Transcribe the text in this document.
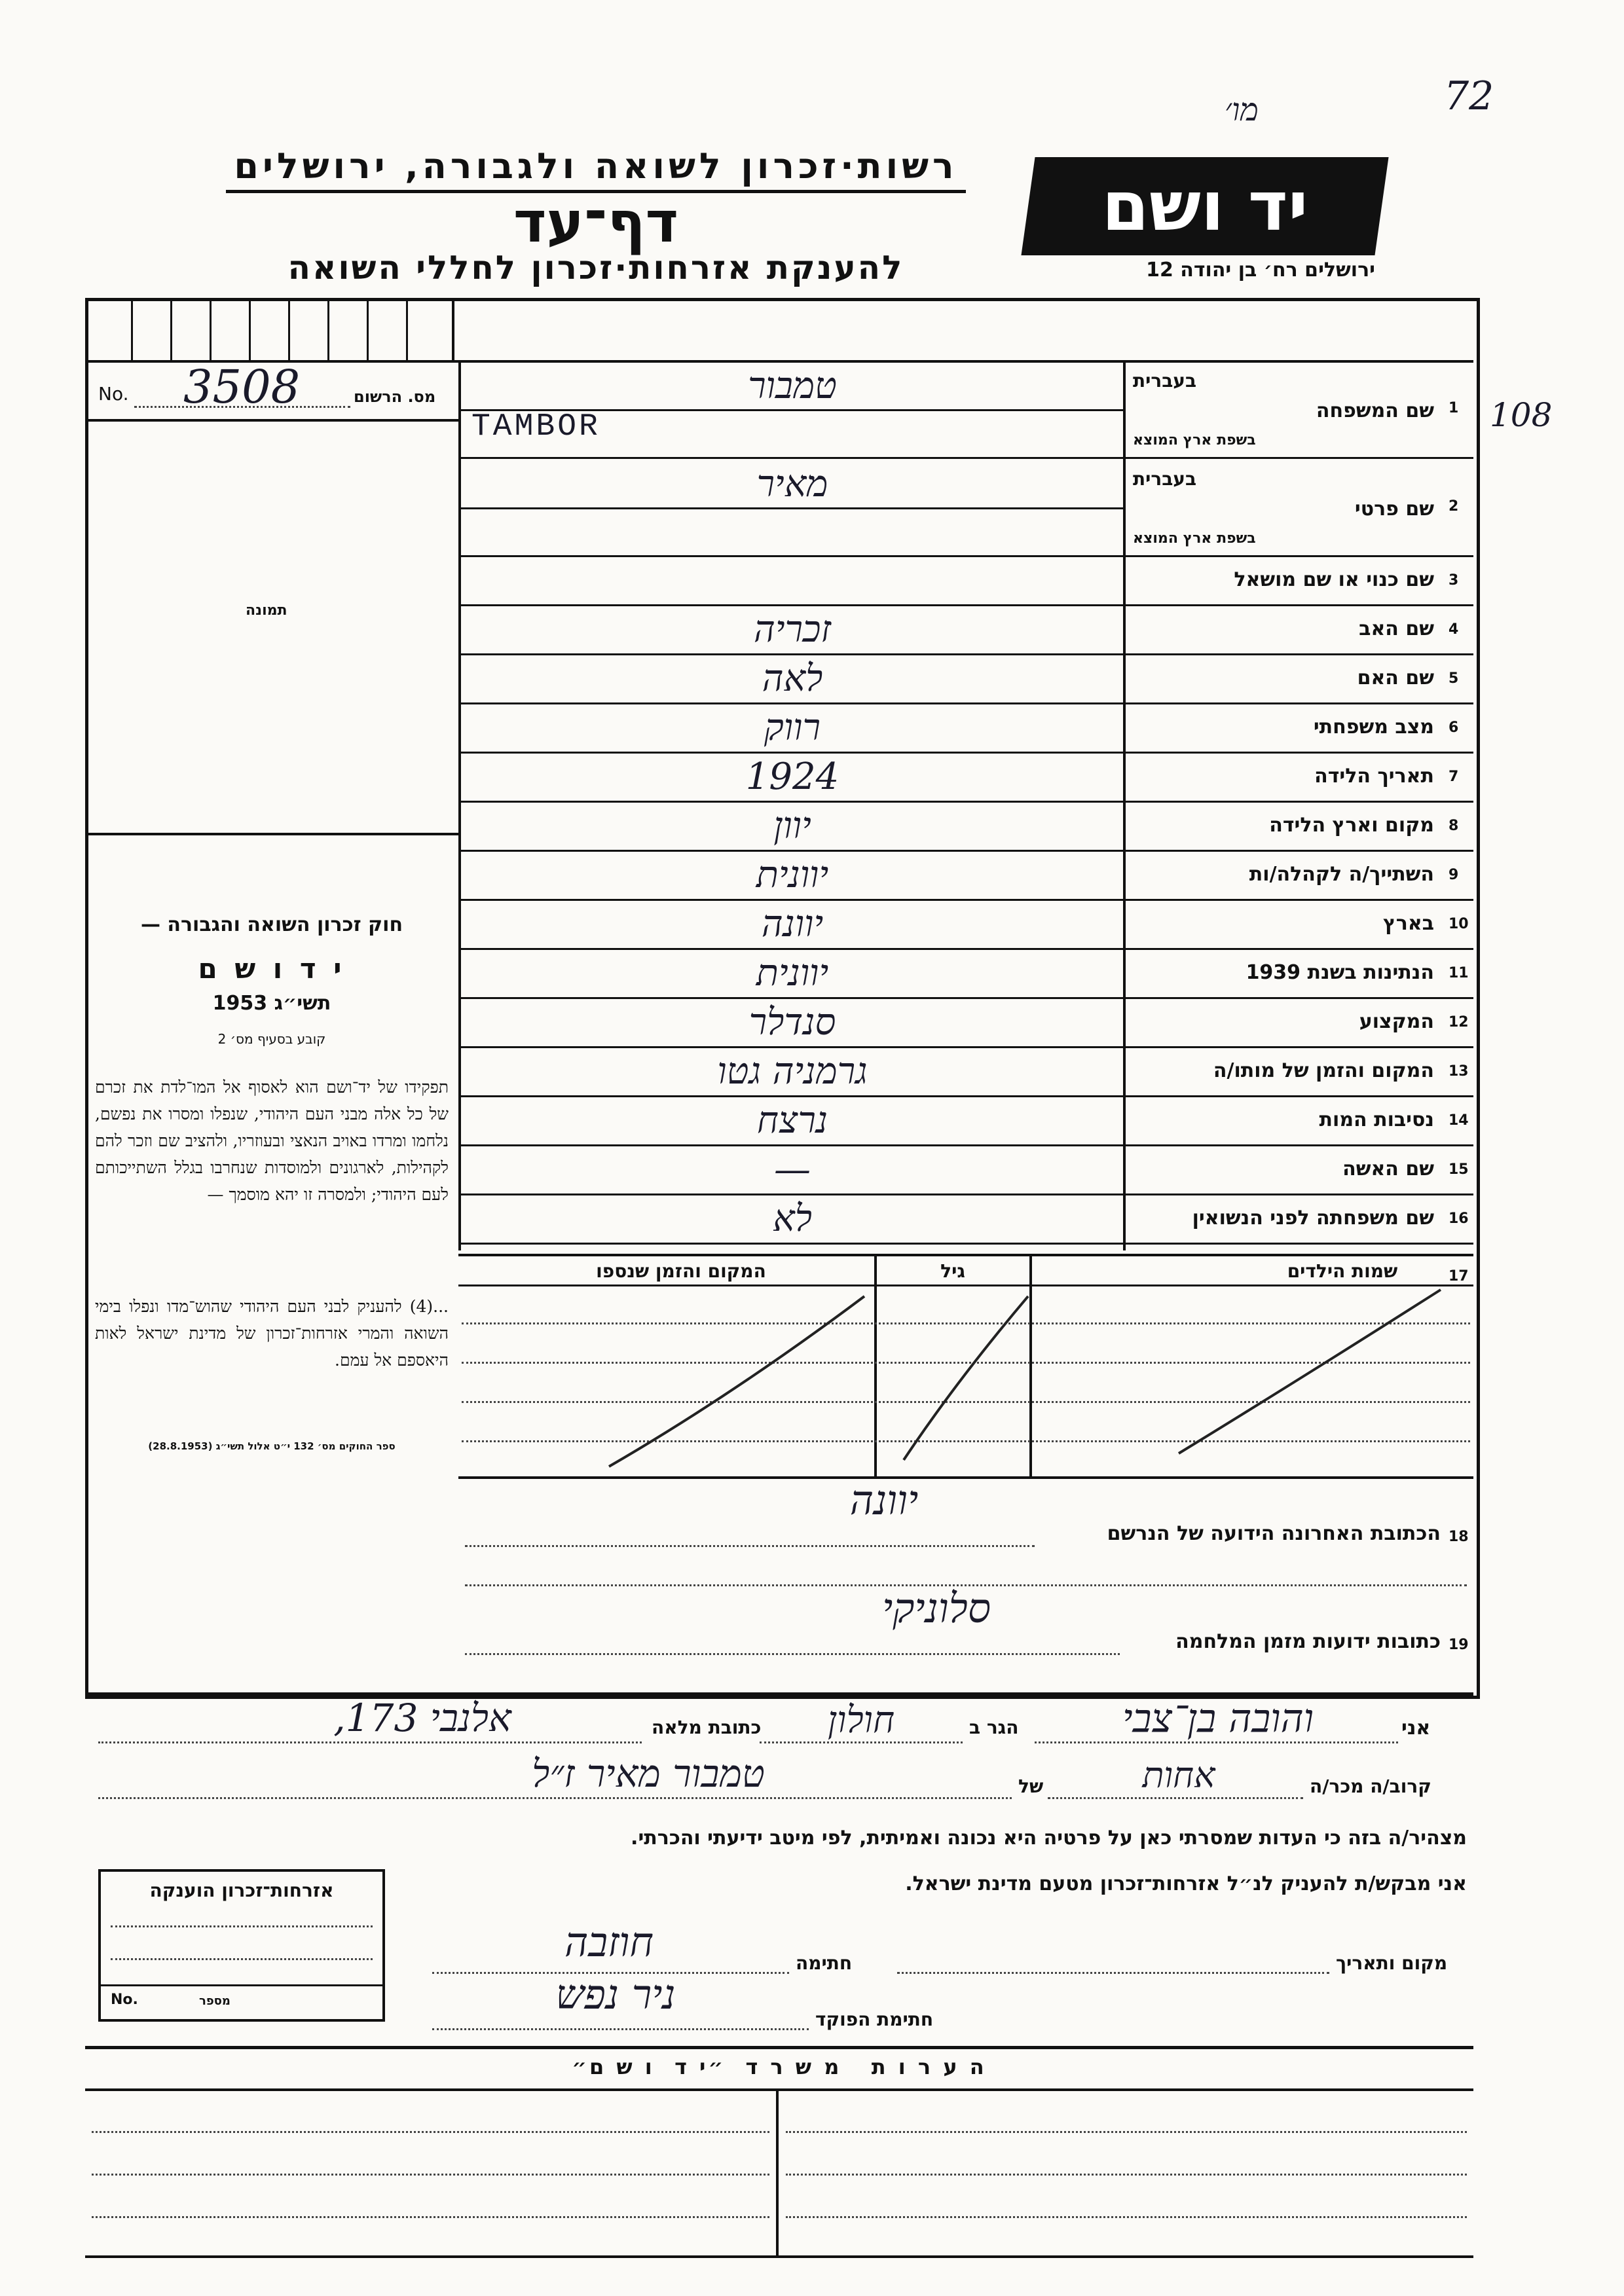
72
מו׳
108
רשות·זכרון לשואה ולגבורה, ירושלים
דף־עד
להענקת אזרחות·זכרון לחללי השואה
יד ושם
ירושלים רח׳ בן יהודה 12
No. 3508	מס. הרשום
תמונה
חוק זכרון השואה והגבורה —
י ד ו ש ם
תשי״ג 1953
קובע בסעיף מס׳ 2
תפקידו של יד־ושם הוא לאסוף אל המו־לדת את זכרם של כל אלה מבני העם היהודי, שנפלו ומסרו את נפשם, נלחמו ומרדו באויב הנאצי ובעוזריו, ולהציב שם וזכר להם לקהילות, לארגונים ולמוסדות שנחרבו בגלל השתייכותם לעם היהודי; ולמסרה זו יהא מוסמך —
...(4) להעניק לבני העם היהודי שהוש־מדו ונפלו בימי השואה והמרי אזרחות־זכרון של מדינת ישראל לאות היאספם אל עמם.
ספר החוקים מס׳ 132 י״ט אלול תשי״ג (28.8.1953)
1
שם המשפחה
בעברית
בשפת ארץ המוצא
טמבור
TAMBOR
2
שם פרטי
בעברית
בשפת ארץ המוצא
מאיר
3
שם כנוי או שם מושאל
4
שם האב
זכריה
5
שם האם
לאה
6
מצב משפחתי
רווק
7
תאריך הלידה
1924
8
מקום וארץ הלידה
יוון
9
השתייך/ה לקהלה/ות
יוונית
10
בארץ
יוונה
11
הנתינות בשנת 1939
יוונית
12
המקצוע
סנדלר
13
המקום והזמן של מותו/ה
גרמניה גטו
14
נסיבות המות
נרצח
15
שם האשה
—
16
שם משפחתה לפני הנשואין
לא
17
שמות הילדים
גיל
המקום והזמן שנספו
18
הכתובת האחרונה הידועה של הנרשם
יוונה
19
כתובות ידועות מזמן המלחמה
סלוניקי
אני
והובה בן־צבי
הגר ב
חולון
כתובת מלאה
אלנבי 173,
קרוב/ה מכר/ה
אחות
של
טמבור מאיר ז״ל
מצהיר/ה בזה כי העדות שמסרתי כאן על פרטיה היא נכונה ואמיתית, לפי מיטב ידיעתי והכרתי.
אני מבקש/ת להעניק לנ״ל אזרחות־זכרון מטעם מדינת ישראל.
אזרחות־זכרון הוענקה
No.	מספר
מקום ותאריך
חתימה
חוזבה
חתימת הפוקד
ניר נפש
ה ע ר ו ת   מ ש ר ד  ״י ד  ו ש ם״
